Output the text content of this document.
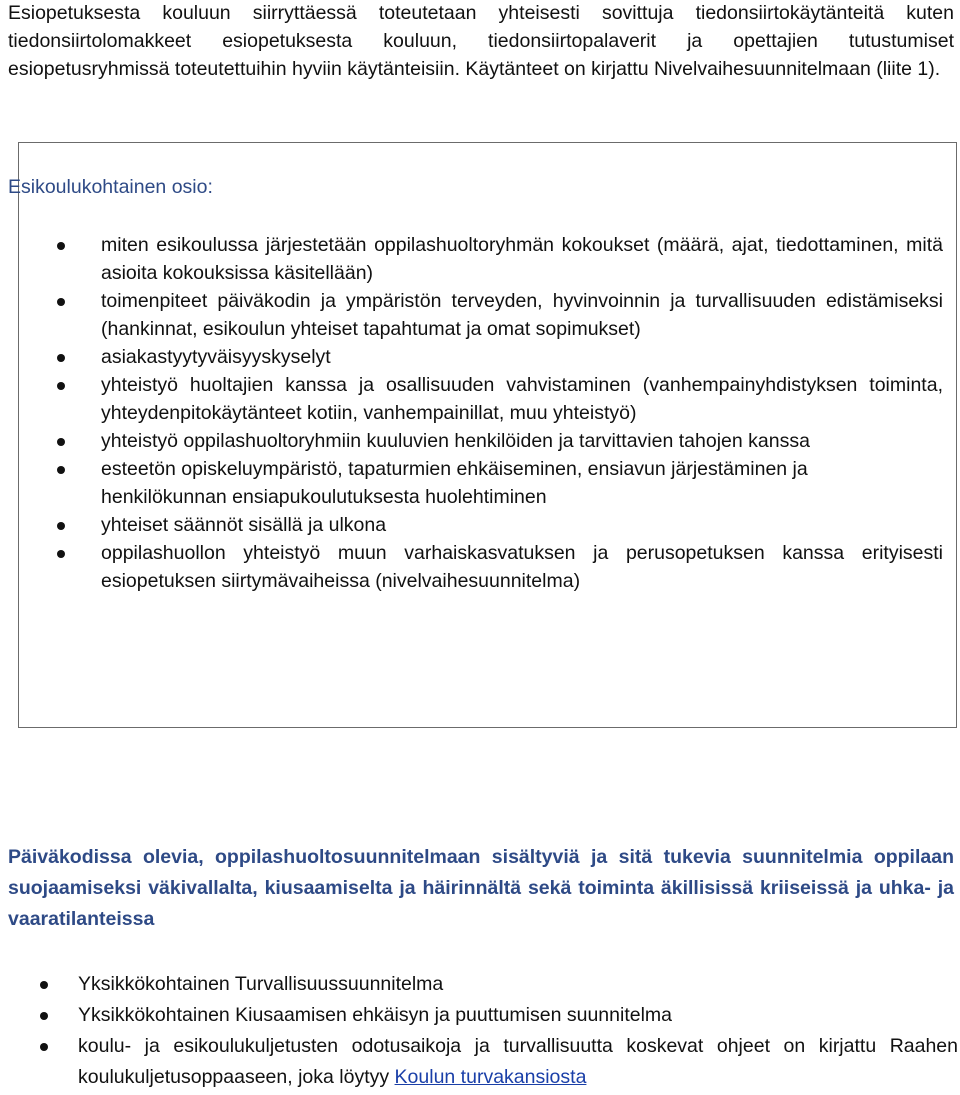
Esiopetuksesta kouluun siirryttäessä toteutetaan yhteisesti sovittuja tiedonsiirtokäytänteitä kuten tiedonsiirtolomakkeet esiopetuksesta kouluun, tiedonsiirtopalaverit ja opettajien tutustumiset esiopetusryhmissä toteutettuihin hyviin käytänteisiin. Käytänteet on kirjattu Nivelvaihesuunnitelmaan (liite 1).

Esikoulukohtainen osio:

miten esikoulussa järjestetään oppilashuoltoryhmän kokoukset (määrä, ajat, tiedottaminen, mitä asioita kokouksissa käsitellään)
toimenpiteet päiväkodin ja ympäristön terveyden, hyvinvoinnin ja turvallisuuden edistämiseksi (hankinnat, esikoulun yhteiset tapahtumat ja omat sopimukset)
asiakastyytyväisyyskyselyt
yhteistyö huoltajien kanssa ja osallisuuden vahvistaminen (vanhempainyhdistyksen toiminta, yhteydenpitokäytänteet kotiin, vanhempainillat, muu yhteistyö)
yhteistyö oppilashuoltoryhmiin kuuluvien henkilöiden ja tarvittavien tahojen kanssa
esteetön opiskeluympäristö, tapaturmien ehkäiseminen, ensiavun järjestäminen ja
henkilökunnan ensiapukoulutuksesta huolehtiminen
yhteiset säännöt sisällä ja ulkona
oppilashuollon yhteistyö muun varhaiskasvatuksen ja perusopetuksen kanssa erityisesti esiopetuksen siirtymävaiheissa (nivelvaihesuunnitelma)

Päiväkodissa olevia, oppilashuoltosuunnitelmaan sisältyviä ja sitä tukevia suunnitelmia oppilaan suojaamiseksi väkivallalta, kiusaamiselta ja häirinnältä sekä toiminta äkillisissä kriiseissä ja uhka- ja vaaratilanteissa

Yksikkökohtainen Turvallisuussuunnitelma
Yksikkökohtainen Kiusaamisen ehkäisyn ja puuttumisen suunnitelma
koulu- ja esikoulukuljetusten odotusaikoja ja turvallisuutta koskevat ohjeet on kirjattu Raahen koulukuljetusoppaaseen, joka löytyy Koulun turvakansiosta
